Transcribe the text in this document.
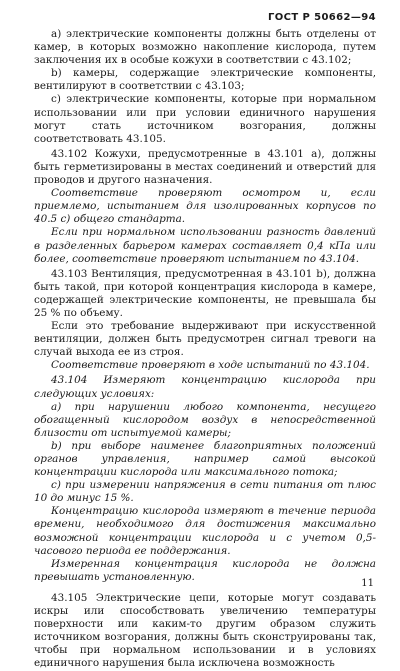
ГОСТ Р 50662—94

а) электрические компоненты должны быть отделены от камер, в которых возможно накопление кислорода, путем заключения их в особые кожухи в соответствии с 43.102;

b) камеры, содержащие электрические компоненты, вентилируют в соответствии с 43.103;

с) электрические компоненты, которые при нормальном использовании или при условии единичного нарушения могут стать источником возгорания, должны соответствовать 43.105.

43.102 Кожухи, предусмотренные в 43.101 а), должны быть герметизированы в местах соединений и отверстий для проводов и другого назначения.

Соответствие проверяют осмотром и, если приемлемо, испытанием для изолированных корпусов по 40.5 с) общего стандарта.

Если при нормальном использовании разность давлений в разделенных барьером камерах составляет 0,4 кПа или более, соответствие проверяют испытанием по 43.104.

43.103 Вентиляция, предусмотренная в 43.101 b), должна быть такой, при которой концентрация кислорода в камере, содержащей электрические компоненты, не превышала бы 25 % по объему.

Если это требование выдерживают при искусственной вентиляции, должен быть предусмотрен сигнал тревоги на случай выхода ее из строя.

Соответствие проверяют в ходе испытаний по 43.104.

43.104 Измеряют концентрацию кислорода при следующих условиях:

а) при нарушении любого компонента, несущего обогащенный кислородом воздух в непосредственной близости от испытуемой камеры;

b) при выборе наименее благоприятных положений органов управления, например самой высокой концентрации кислорода или максимального потока;

с) при измерении напряжения в сети питания от плюс 10 до минус 15 %.

Концентрацию кислорода измеряют в течение периода времени, необходимого для достижения максимально возможной концентрации кислорода и с учетом 0,5-часового периода ее поддержания.

Измеренная концентрация кислорода не должна превышать установленную.

43.105 Электрические цепи, которые могут создавать искры или способствовать увеличению температуры поверхности или каким-то другим образом служить источником возгорания, должны быть сконструированы так, чтобы при нормальном использовании и в условиях единичного нарушения была исключена возможность

11
